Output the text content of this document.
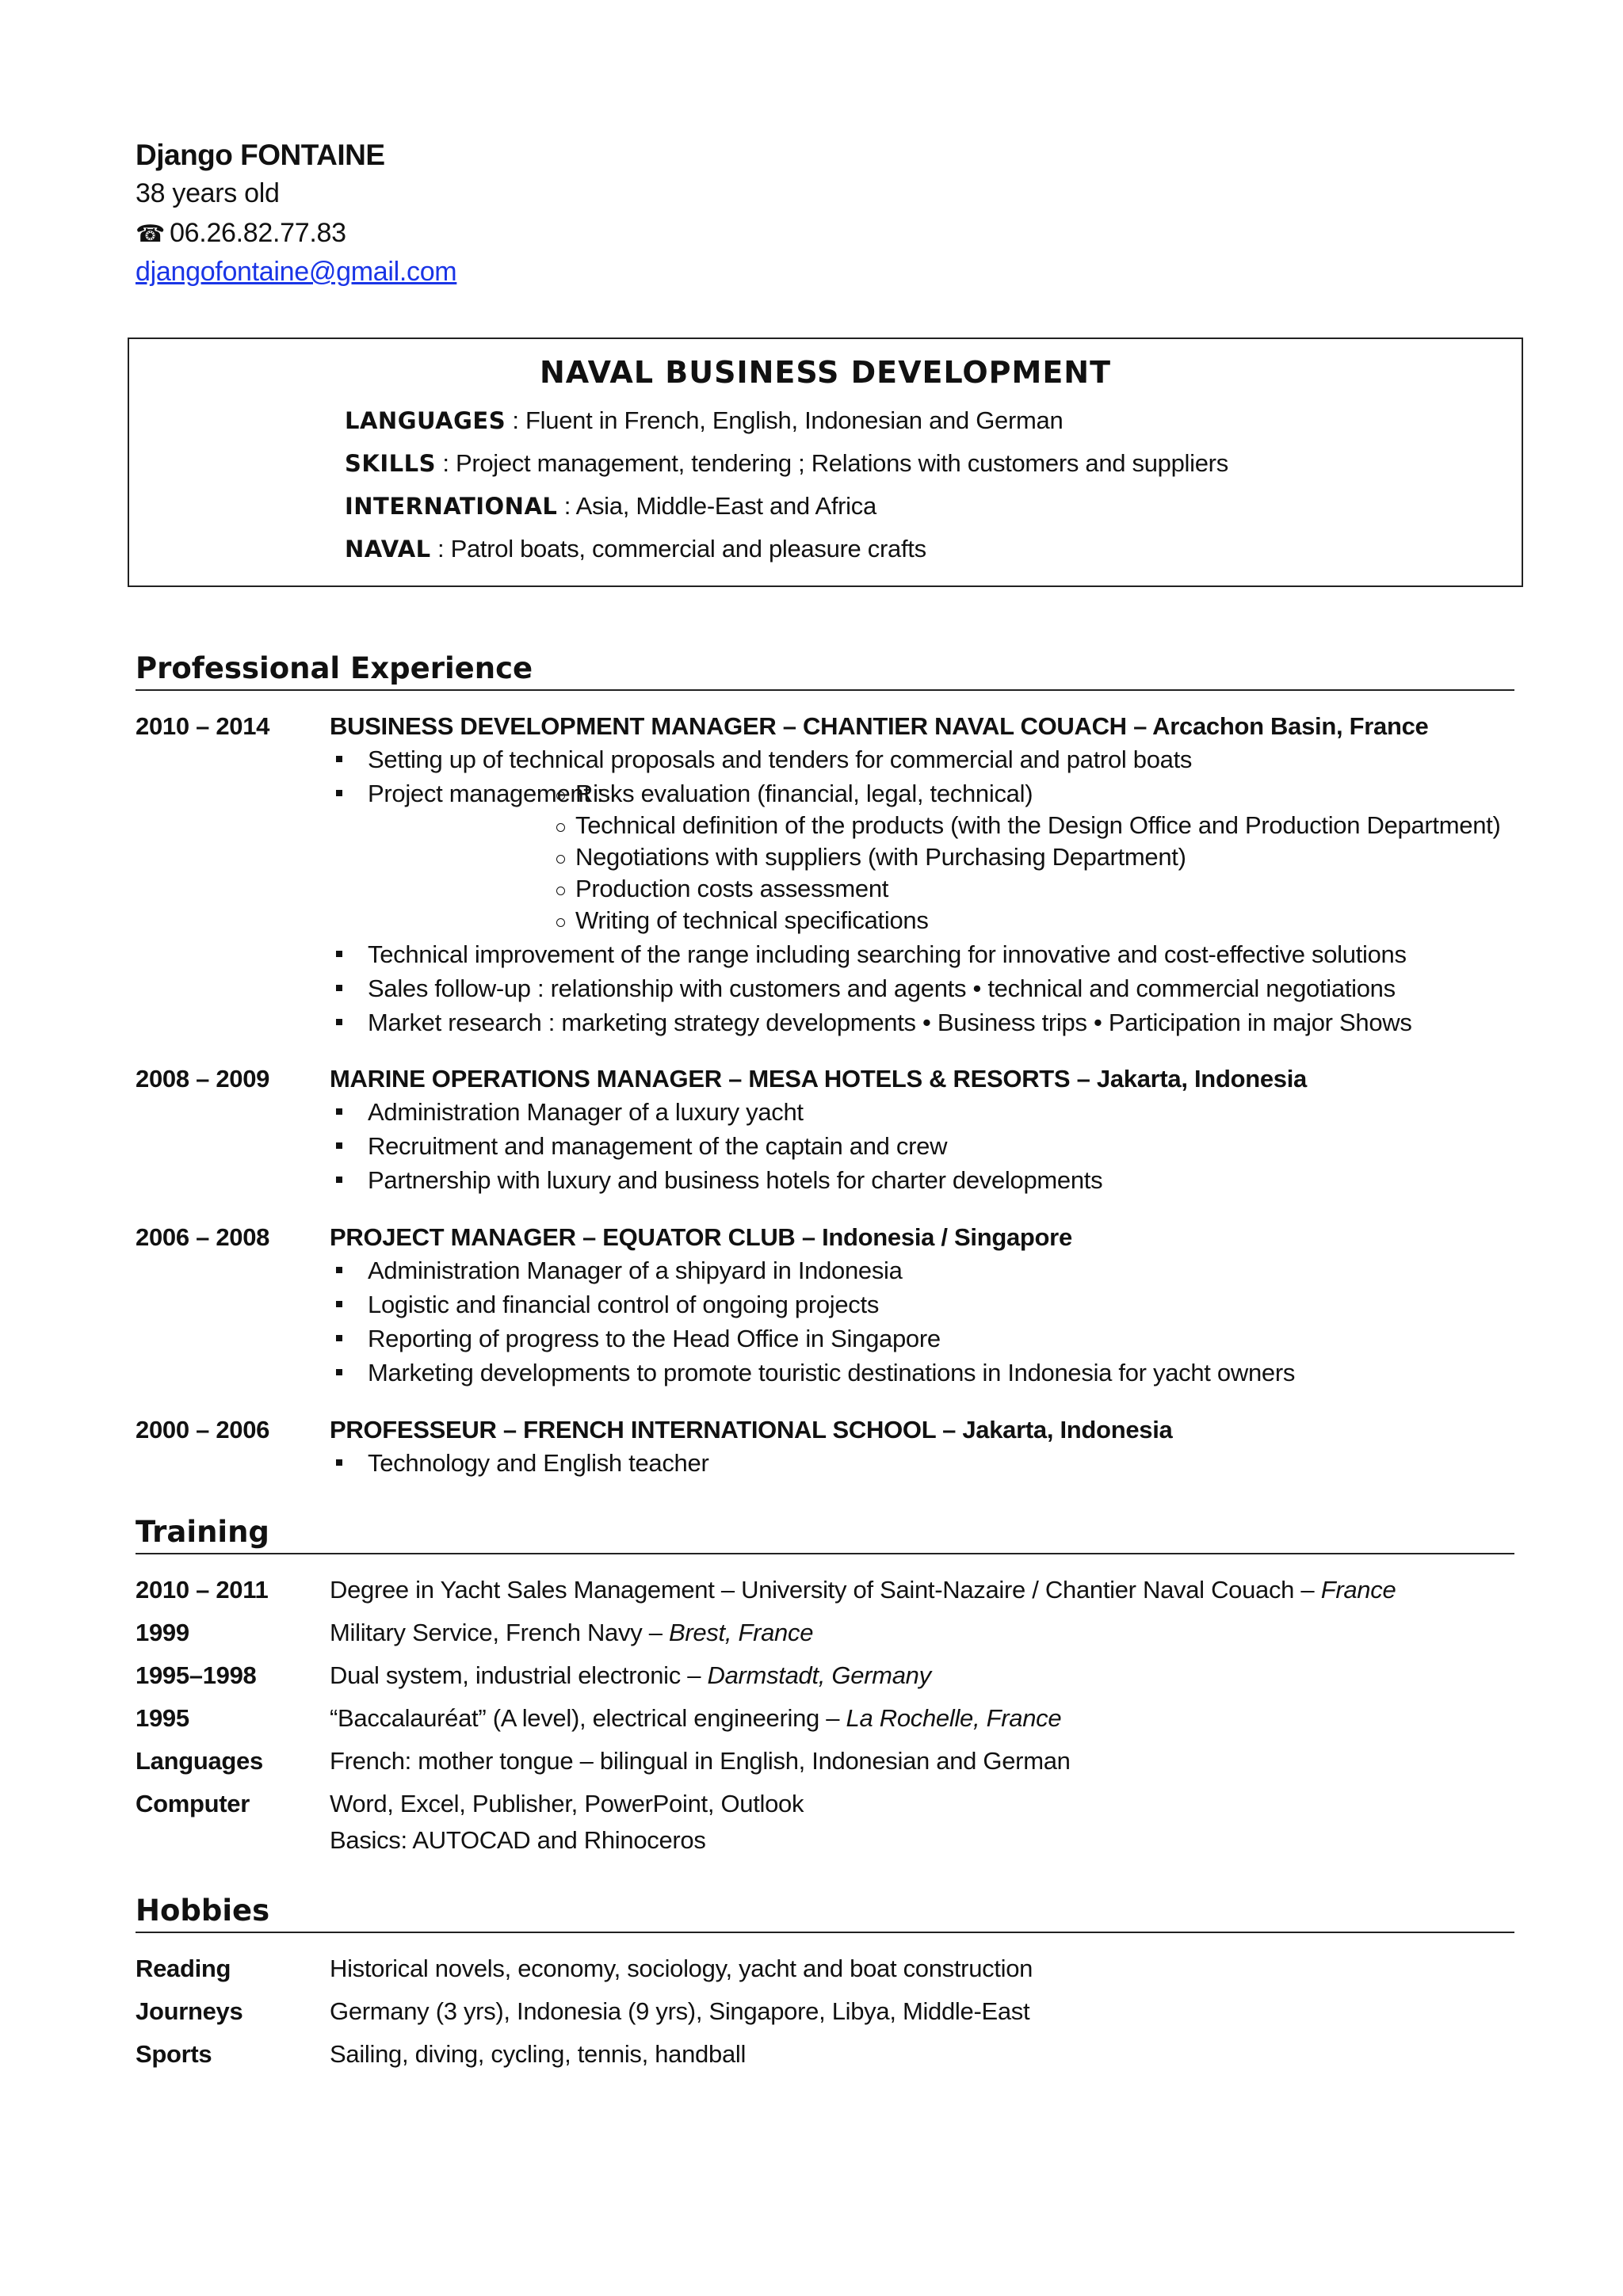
Django FONTAINE
38 years old
☎ 06.26.82.77.83
djangofontaine@gmail.com
NAVAL BUSINESS DEVELOPMENT
LANGUAGES : Fluent in French, English, Indonesian and German
SKILLS : Project management, tendering ; Relations with customers and suppliers
INTERNATIONAL : Asia, Middle-East and Africa
NAVAL : Patrol boats, commercial and pleasure crafts
Professional Experience
2010 – 2014 BUSINESS DEVELOPMENT MANAGER – CHANTIER NAVAL COUACH – Arcachon Basin, France
Setting up of technical proposals and tenders for commercial and patrol boats
Project management :
Risks evaluation (financial, legal, technical)
Technical definition of the products (with the Design Office and Production Department)
Negotiations with suppliers (with Purchasing Department)
Production costs assessment
Writing of technical specifications
Technical improvement of the range including searching for innovative and cost-effective solutions
Sales follow-up : relationship with customers and agents • technical and commercial negotiations
Market research : marketing strategy developments • Business trips • Participation in major Shows
2008 – 2009 MARINE OPERATIONS MANAGER – MESA HOTELS & RESORTS – Jakarta, Indonesia
Administration Manager of a luxury yacht
Recruitment and management of the captain and crew
Partnership with luxury and business hotels for charter developments
2006 – 2008 PROJECT MANAGER – EQUATOR CLUB – Indonesia / Singapore
Administration Manager of a shipyard in Indonesia
Logistic and financial control of ongoing projects
Reporting of progress to the Head Office in Singapore
Marketing developments to promote touristic destinations in Indonesia for yacht owners
2000 – 2006 PROFESSEUR – FRENCH INTERNATIONAL SCHOOL – Jakarta, Indonesia
Technology and English teacher
Training
2010 – 2011	Degree in Yacht Sales Management – University of Saint-Nazaire / Chantier Naval Couach – France
1999	Military Service, French Navy – Brest, France
1995–1998	Dual system, industrial electronic – Darmstadt, Germany
1995	“Baccalauréat” (A level), electrical engineering – La Rochelle, France
Languages	French: mother tongue – bilingual in English, Indonesian and German
Computer	Word, Excel, Publisher, PowerPoint, Outlook
Basics: AUTOCAD and Rhinoceros
Hobbies
Reading	Historical novels, economy, sociology, yacht and boat construction
Journeys	Germany (3 yrs), Indonesia (9 yrs), Singapore, Libya, Middle-East
Sports	Sailing, diving, cycling, tennis, handball
